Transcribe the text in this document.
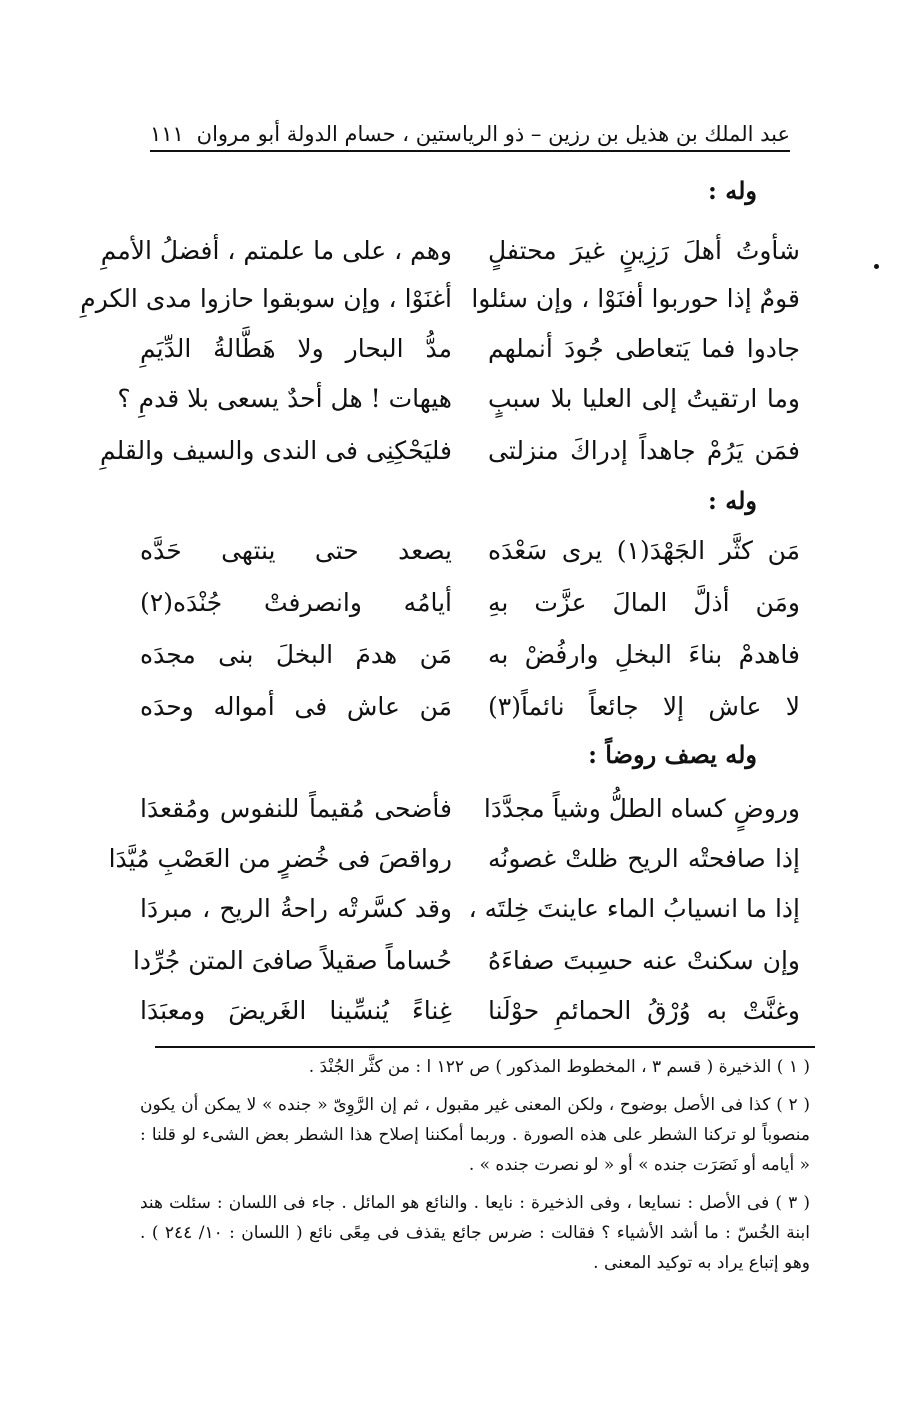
عبد الملك بن هذيل بن رزين – ذو الرياستين ، حسام الدولة أبو مروان
١١١
وله :
شأوتُ أهلَ رَزِينٍ غيرَ محتفلٍ
وهم ، على ما علمتم ، أفضلُ الأممِ
قومٌ إذا حوربوا أفنَوْا ، وإن سئلوا
أغنَوْا ، وإن سوبقوا حازوا مدى الكرمِ
جادوا فما يَتعاطى جُودَ أنملهم
مدُّ البحار ولا هَطَّالةُ الدِّيَمِ
وما ارتقيتُ إلى العليا بلا سببٍ
هيهات ! هل أحدٌ يسعى بلا قدمِ ؟
فمَن يَرُمْ جاهداً إدراكَ منزلتى
فليَحْكِنِى فى الندى والسيف والقلمِ
وله :
مَن كثَّر الجَهْدَ(١) يرى سَعْدَه
يصعد حتى ينتهى حَدَّه
ومَن أذلَّ المالَ عزَّت بهِ
أيامُه وانصرفتْ جُنْدَه(٢)
فاهدمْ بناءَ البخلِ وارفُضْ به
مَن هدمَ البخلَ بنى مجدَه
لا عاش إلا جائعاً نائماً(٣)
مَن عاش فى أمواله وحدَه
وله يصف روضاً :
وروضٍ كساه الطلُّ وشياً مجدَّدَا
فأضحى مُقيماً للنفوس ومُقعدَا
إذا صافحتْه الريح ظلتْ غصونُه
رواقصَ فى خُضرٍ من العَصْبِ مُيَّدَا
إذا ما انسيابُ الماء عاينتَ خِلتَه ،
وقد كسَّرتْه راحةُ الريح ، مبردَا
وإن سكنتْ عنه حسِبتَ صفاءَهُ
حُساماً صقيلاً صافىَ المتن جُرِّدا
وغنَّتْ به وُرْقُ الحمائمِ حوْلَنا
غِناءً يُنسِّينا الغَريضَ ومعبَدَا

( ١ ) الذخيرة ( قسم ٣ ، المخطوط المذكور ) ص ١٢٢ ا : من كثَّر الجُنْدَ .

( ٢ ) كذا فى الأصل بوضوح ، ولكن المعنى غير مقبول ، ثم إن الرَّوِىّ « جنده » لا يمكن أن يكون منصوباً لو تركنا الشطر على هذه الصورة . وربما أمكننا إصلاح هذا الشطر بعض الشىء لو قلنا : « أيامه أو نَصَرَت جنده » أو « لو نصرت جنده » .

( ٣ ) فى الأصل : نسايعا ، وفى الذخيرة : نايعا . والنائع هو المائل . جاء فى اللسان : سئلت هند ابنة الخُسّ : ما أشد الأشياء ؟ فقالت : ضرس جائع يقذف فى مِعًى نائع ( اللسان : ١٠/ ٢٤٤ ) . وهو إتباع يراد به توكيد المعنى .
